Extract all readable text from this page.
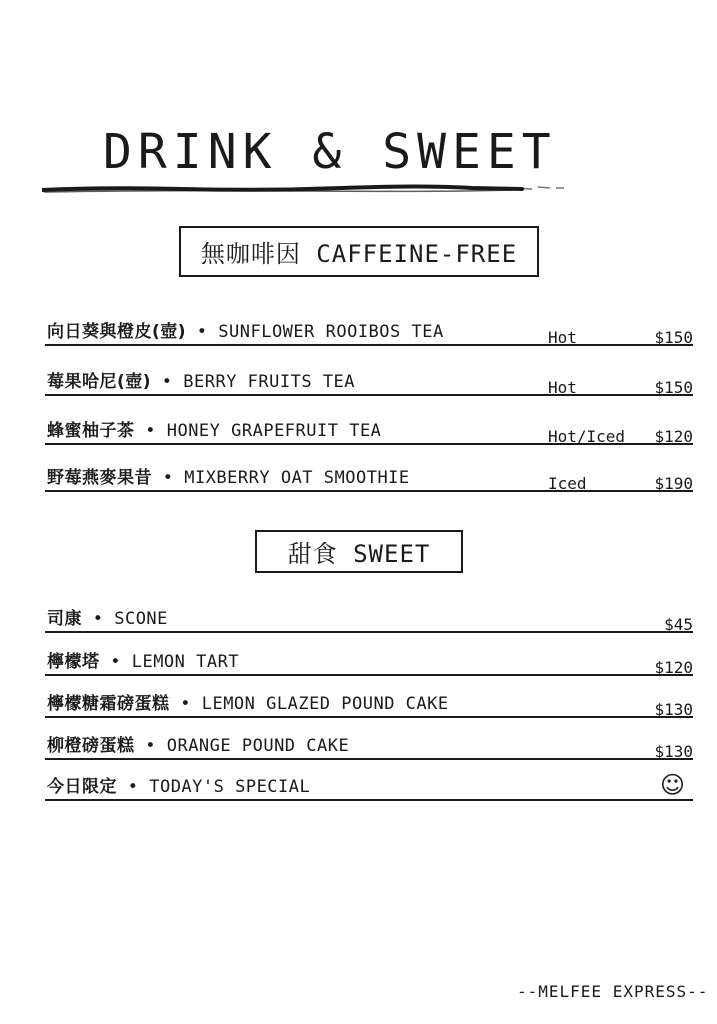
DRINK & SWEET
無咖啡因 CAFFEINE-FREE
向日葵與橙皮(壺) • SUNFLOWER ROOIBOS TEA	Hot	$150
莓果哈尼(壺) • BERRY FRUITS TEA	Hot	$150
蜂蜜柚子茶 • HONEY GRAPEFRUIT TEA	Hot/Iced $120
野莓燕麥果昔 • MIXBERRY OAT SMOOTHIE	Iced	$190
甜食 SWEET
司康 • SCONE	$45
檸檬塔 • LEMON TART	$120
檸檬糖霜磅蛋糕 • LEMON GLAZED POUND CAKE	$130
柳橙磅蛋糕 • ORANGE POUND CAKE	$130
今日限定 • TODAY'S SPECIAL	☺
--MELFEE EXPRESS--
